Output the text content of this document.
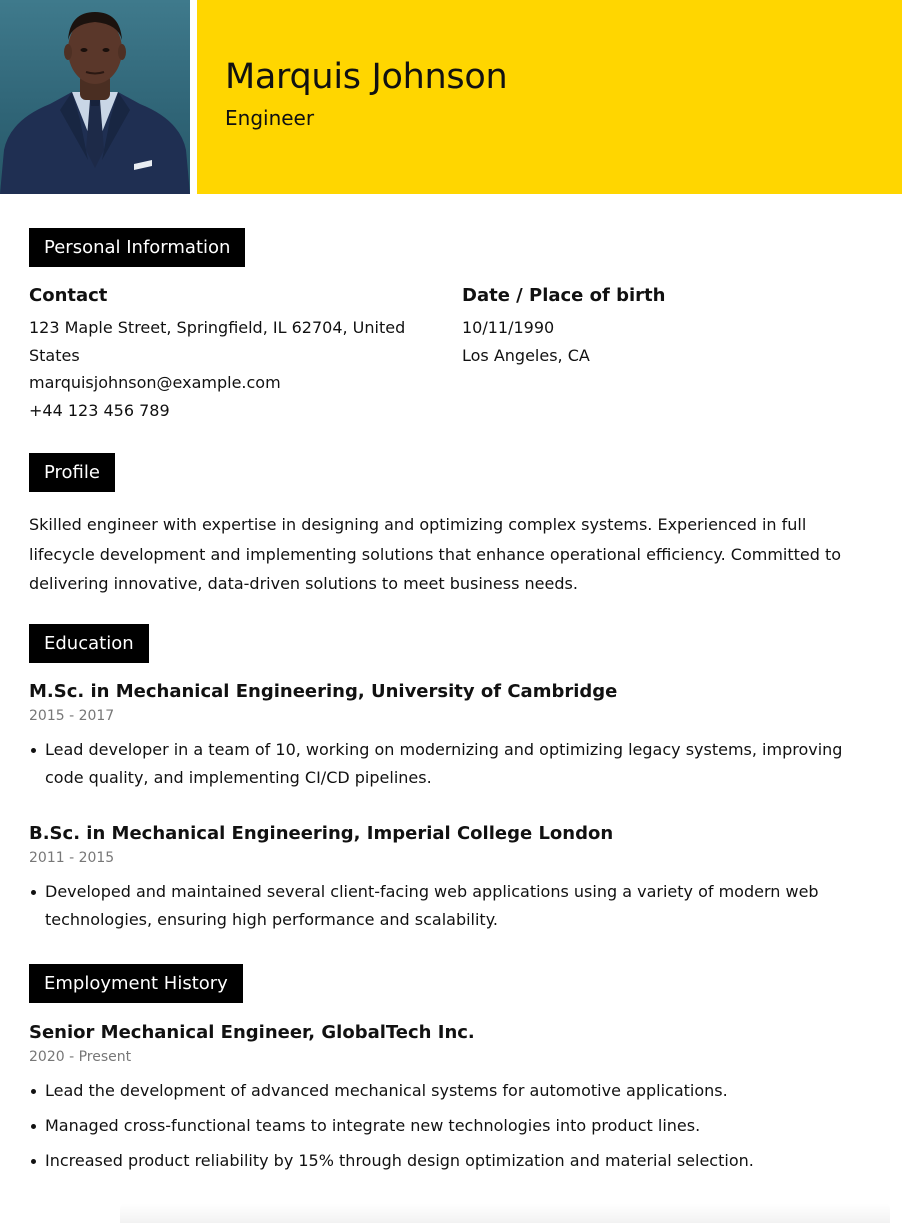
Marquis Johnson

Engineer

Personal Information

Contact

123 Maple Street, Springfield, IL 62704, United

States

marquisjohnson@example.com

+44 123 456 789

Date / Place of birth

10/11/1990

Los Angeles, CA

Profile

Skilled engineer with expertise in designing and optimizing complex systems. Experienced in full lifecycle development and implementing solutions that enhance operational efficiency. Committed to delivering innovative, data-driven solutions to meet business needs.

Education

M.Sc. in Mechanical Engineering, University of Cambridge

2015 - 2017

Lead developer in a team of 10, working on modernizing and optimizing legacy systems, improving code quality, and implementing CI/CD pipelines.

B.Sc. in Mechanical Engineering, Imperial College London

2011 - 2015

Developed and maintained several client-facing web applications using a variety of modern web technologies, ensuring high performance and scalability.
Employment History

Senior Mechanical Engineer, GlobalTech Inc.

2020 - Present

Lead the development of advanced mechanical systems for automotive applications.
Managed cross-functional teams to integrate new technologies into product lines.
Increased product reliability by 15% through design optimization and material selection.
